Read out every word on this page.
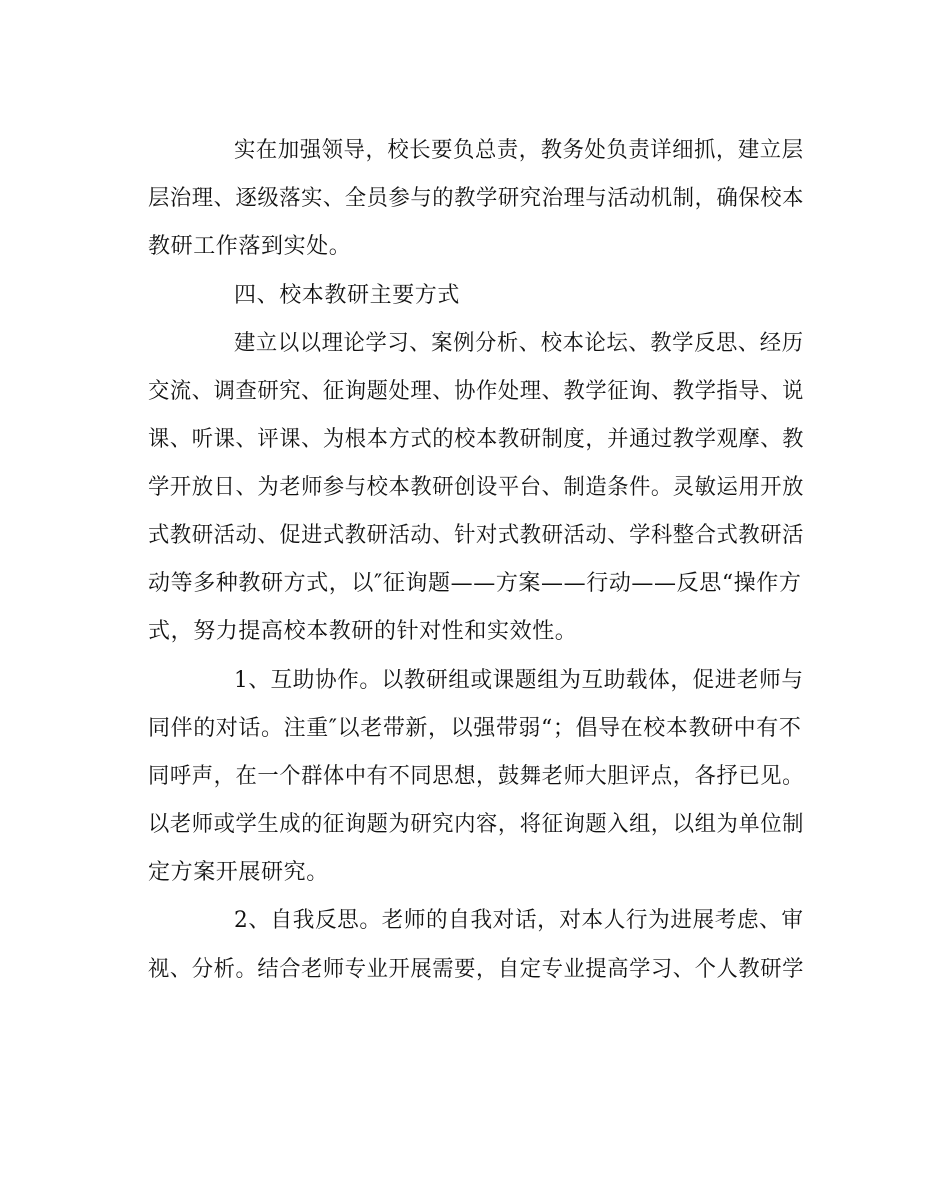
实在加强领导，校长要负总责，教务处负责详细抓，建立层
层治理、逐级落实、全员参与的教学研究治理与活动机制，确保校本
教研工作落到实处。
四、校本教研主要方式
建立以以理论学习、案例分析、校本论坛、教学反思、经历
交流、调查研究、征询题处理、协作处理、教学征询、教学指导、说
课、听课、评课、为根本方式的校本教研制度，并通过教学观摩、教
学开放日、为老师参与校本教研创设平台、制造条件。灵敏运用开放
式教研活动、促进式教研活动、针对式教研活动、学科整合式教研活
动等多种教研方式，以″征询题——方案——行动——反思“操作方
式，努力提高校本教研的针对性和实效性。
1、互助协作。以教研组或课题组为互助载体，促进老师与
同伴的对话。注重″以老带新，以强带弱“；倡导在校本教研中有不
同呼声，在一个群体中有不同思想，鼓舞老师大胆评点，各抒已见。
以老师或学生成的征询题为研究内容，将征询题入组，以组为单位制
定方案开展研究。
2、自我反思。老师的自我对话，对本人行为进展考虑、审
视、分析。结合老师专业开展需要，自定专业提高学习、个人教研学
